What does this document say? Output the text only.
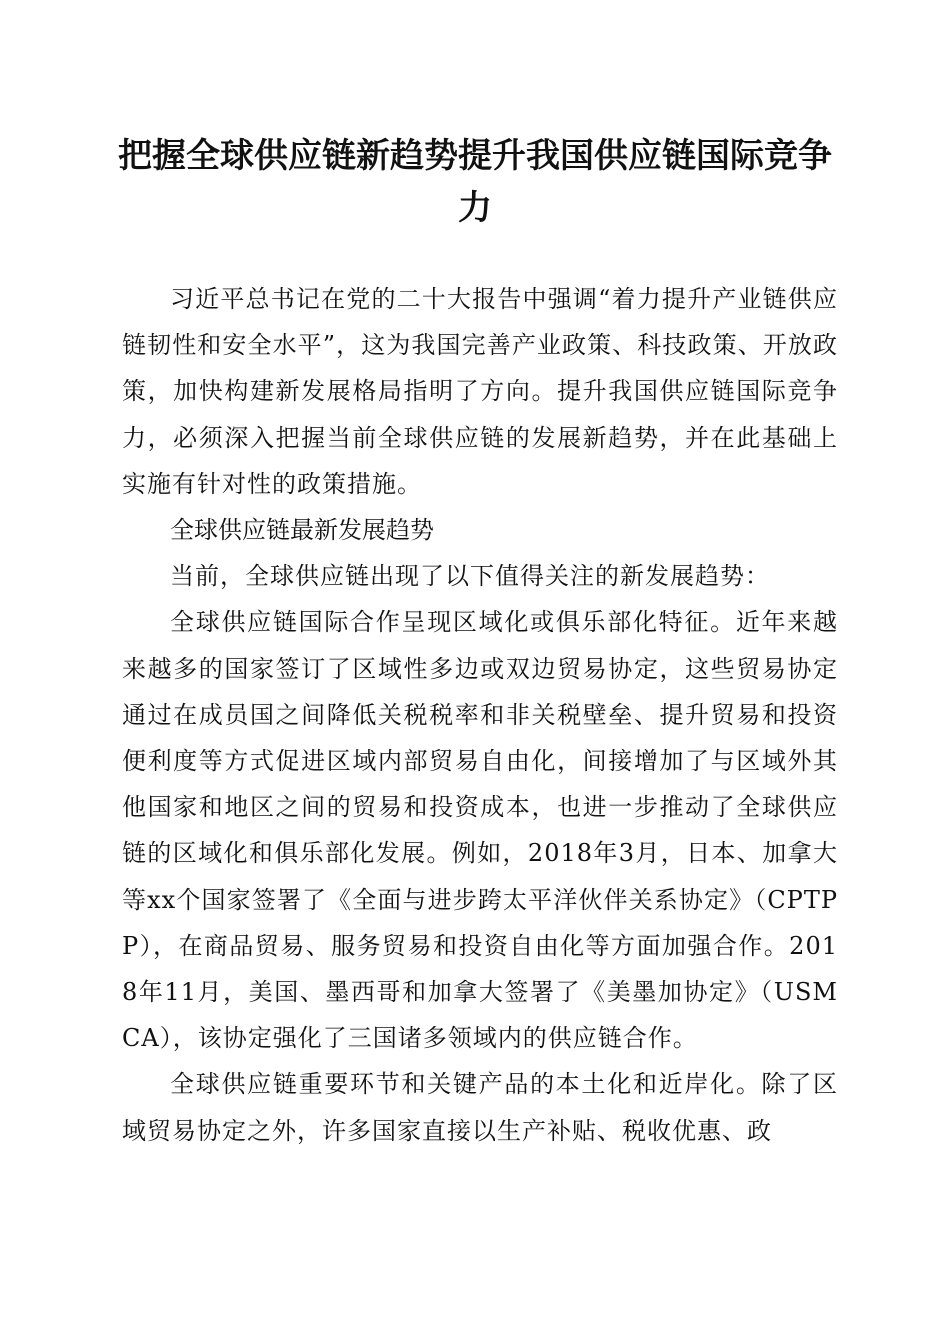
把握全球供应链新趋势提升我国供应链国际竞争力

习近平总书记在党的二十大报告中强调“着力提升产业链供应链韧性和安全水平”，这为我国完善产业政策、科技政策、开放政策，加快构建新发展格局指明了方向。提升我国供应链国际竞争力，必须深入把握当前全球供应链的发展新趋势，并在此基础上实施有针对性的政策措施。

全球供应链最新发展趋势

当前，全球供应链出现了以下值得关注的新发展趋势：

全球供应链国际合作呈现区域化或俱乐部化特征。近年来越来越多的国家签订了区域性多边或双边贸易协定，这些贸易协定通过在成员国之间降低关税税率和非关税壁垒、提升贸易和投资便利度等方式促进区域内部贸易自由化，间接增加了与区域外其他国家和地区之间的贸易和投资成本，也进一步推动了全球供应链的区域化和俱乐部化发展。例如，2018年3月，日本、加拿大等xx个国家签署了《全面与进步跨太平洋伙伴关系协定》（CPTPP），在商品贸易、服务贸易和投资自由化等方面加强合作。2018年11月，美国、墨西哥和加拿大签署了《美墨加协定》（USMCA），该协定强化了三国诸多领域内的供应链合作。

全球供应链重要环节和关键产品的本土化和近岸化。除了区域贸易协定之外，许多国家直接以生产补贴、税收优惠、政
